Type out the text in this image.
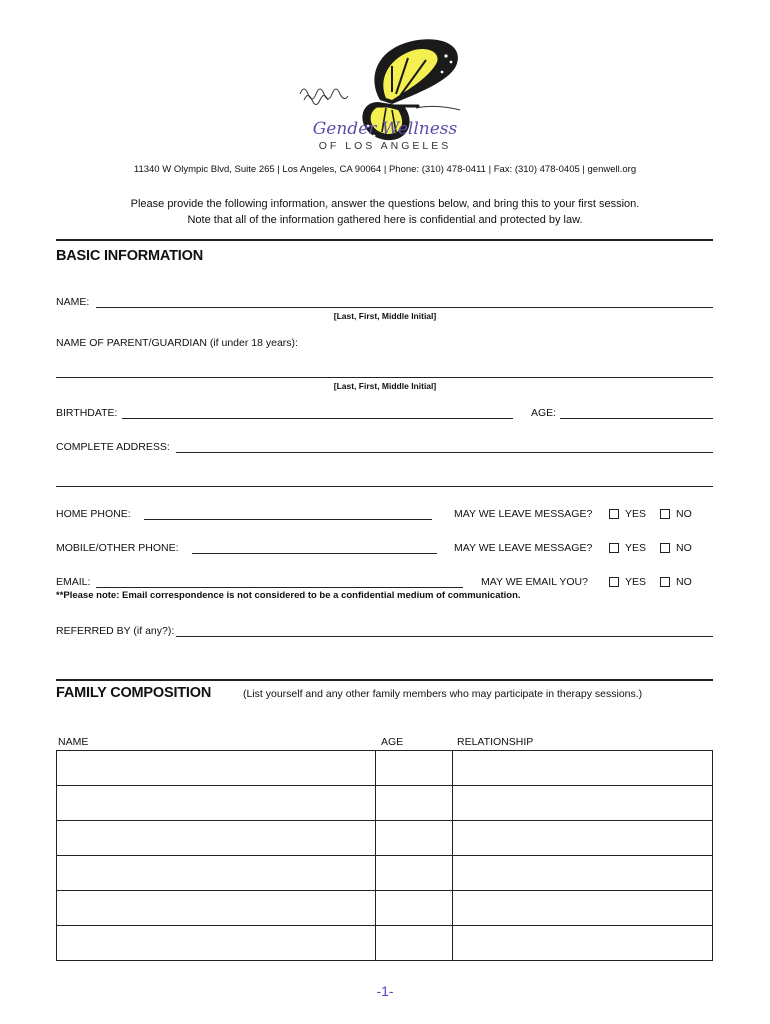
Gender Wellness
OF LOS ANGELES
11340 W Olympic Blvd, Suite 265 | Los Angeles, CA 90064 | Phone: (310) 478-0411 | Fax: (310) 478-0405 | genwell.org
Please provide the following information, answer the questions below, and bring this to your first session.
Note that all of the information gathered here is confidential and protected by law.
BASIC INFORMATION
NAME:
[Last, First, Middle Initial]
NAME OF PARENT/GUARDIAN (if under 18 years):
[Last, First, Middle Initial]
BIRTHDATE:	AGE:
COMPLETE ADDRESS:
HOME PHONE:	MAY WE LEAVE MESSAGE?	YES	NO
MOBILE/OTHER PHONE:	MAY WE LEAVE MESSAGE?	YES	NO
EMAIL:	MAY WE EMAIL YOU?	YES	NO
**Please note: Email correspondence is not considered to be a confidential medium of communication.
REFERRED BY (if any?):
FAMILY COMPOSITION	(List yourself and any other family members who may participate in therapy sessions.)
NAME	AGE	RELATIONSHIP

-1-
